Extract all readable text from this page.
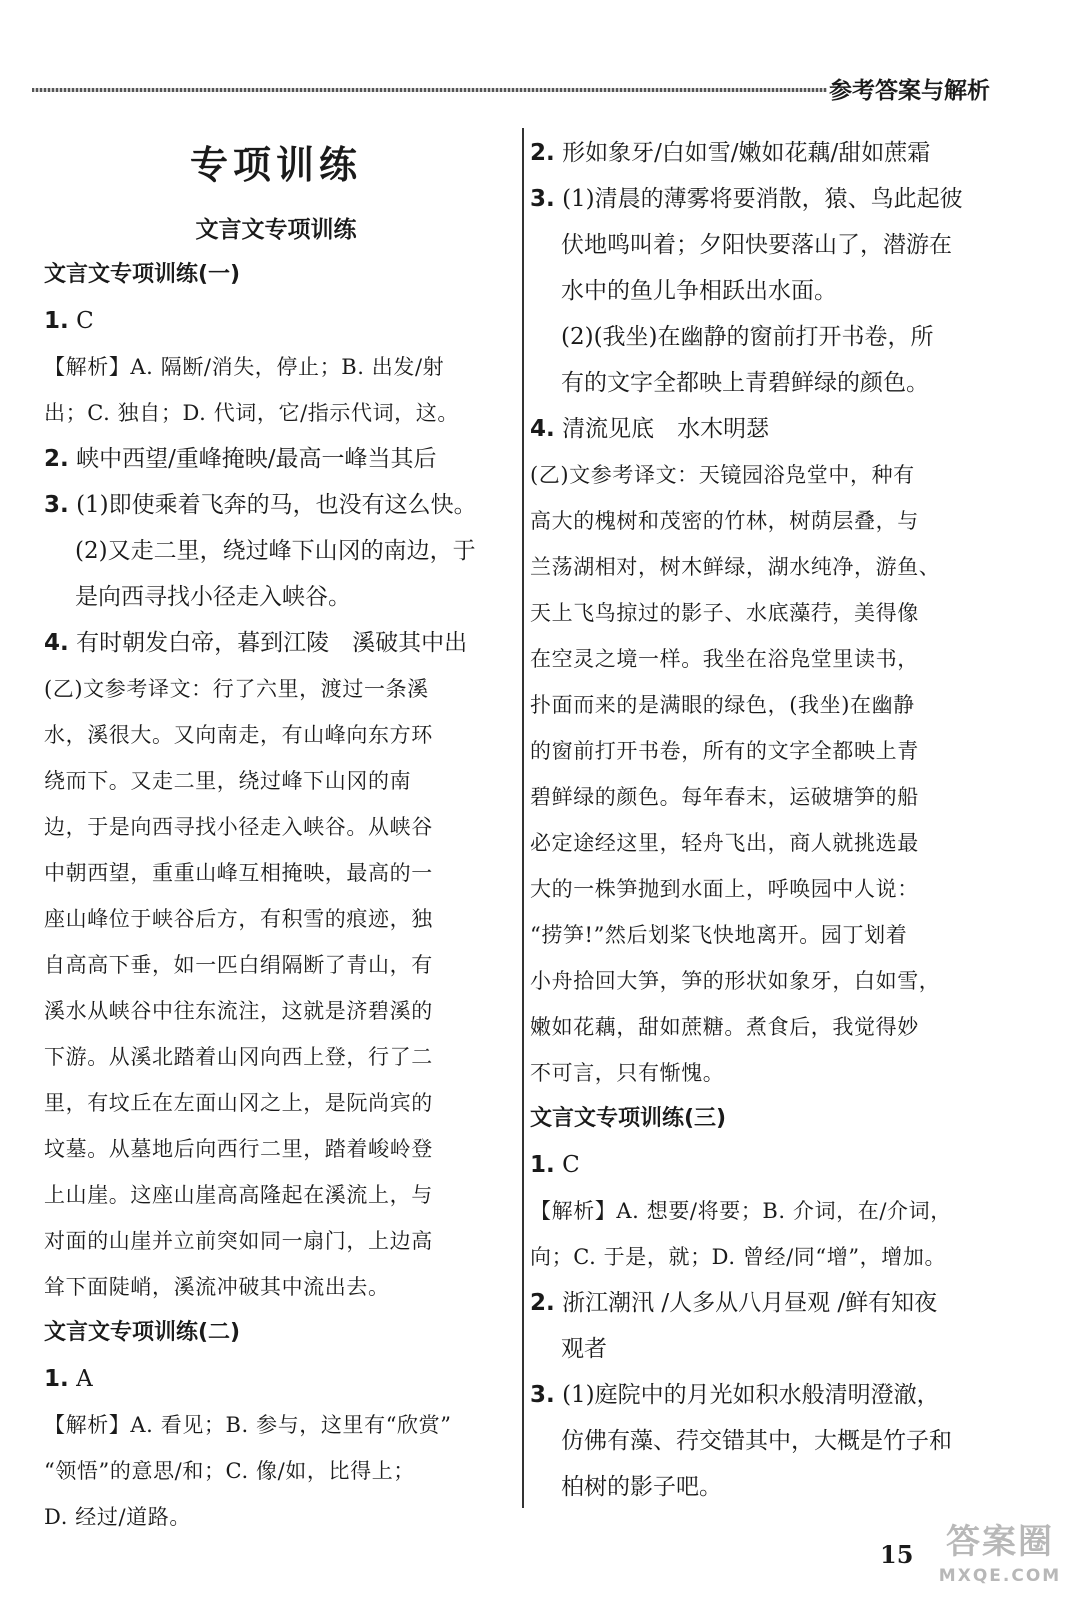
参考答案与解析
专项训练
文言文专项训练
文言文专项训练(一)
1. C
【解析】A. 隔断/消失，停止；B. 出发/射
出；C. 独自；D. 代词，它/指示代词，这。
2. 峡中西望/重峰掩映/最高一峰当其后
3. (1)即使乘着飞奔的马，也没有这么快。
(2)又走二里，绕过峰下山冈的南边，于
是向西寻找小径走入峡谷。
4. 有时朝发白帝，暮到江陵　溪破其中出
(乙)文参考译文：行了六里，渡过一条溪
水，溪很大。又向南走，有山峰向东方环
绕而下。又走二里，绕过峰下山冈的南
边，于是向西寻找小径走入峡谷。从峡谷
中朝西望，重重山峰互相掩映，最高的一
座山峰位于峡谷后方，有积雪的痕迹，独
自高高下垂，如一匹白绢隔断了青山，有
溪水从峡谷中往东流注，这就是济碧溪的
下游。从溪北踏着山冈向西上登，行了二
里，有坟丘在左面山冈之上，是阮尚宾的
坟墓。从墓地后向西行二里，踏着峻岭登
上山崖。这座山崖高高隆起在溪流上，与
对面的山崖并立前突如同一扇门，上边高
耸下面陡峭，溪流冲破其中流出去。
文言文专项训练(二)
1. A
【解析】A. 看见；B. 参与，这里有“欣赏”
“领悟”的意思/和；C. 像/如，比得上；
D. 经过/道路。
2. 形如象牙/白如雪/嫩如花藕/甜如蔗霜
3. (1)清晨的薄雾将要消散，猿、鸟此起彼
伏地鸣叫着；夕阳快要落山了，潜游在
水中的鱼儿争相跃出水面。
(2)(我坐)在幽静的窗前打开书卷，所
有的文字全都映上青碧鲜绿的颜色。
4. 清流见底　水木明瑟
(乙)文参考译文：天镜园浴凫堂中，种有
高大的槐树和茂密的竹林，树荫层叠，与
兰荡湖相对，树木鲜绿，湖水纯净，游鱼、
天上飞鸟掠过的影子、水底藻荇，美得像
在空灵之境一样。我坐在浴凫堂里读书，
扑面而来的是满眼的绿色，(我坐)在幽静
的窗前打开书卷，所有的文字全都映上青
碧鲜绿的颜色。每年春末，运破塘笋的船
必定途经这里，轻舟飞出，商人就挑选最
大的一株笋抛到水面上，呼唤园中人说：
“捞笋!”然后划桨飞快地离开。园丁划着
小舟拾回大笋，笋的形状如象牙，白如雪，
嫩如花藕，甜如蔗糖。煮食后，我觉得妙
不可言，只有惭愧。
文言文专项训练(三)
1. C
【解析】A. 想要/将要；B. 介词，在/介词，
向；C. 于是，就；D. 曾经/同“增”，增加。
2. 浙江潮汛 /人多从八月昼观 /鲜有知夜
观者
3. (1)庭院中的月光如积水般清明澄澈，
仿佛有藻、荇交错其中，大概是竹子和
柏树的影子吧。
15 答案圈
MXQE.COM
